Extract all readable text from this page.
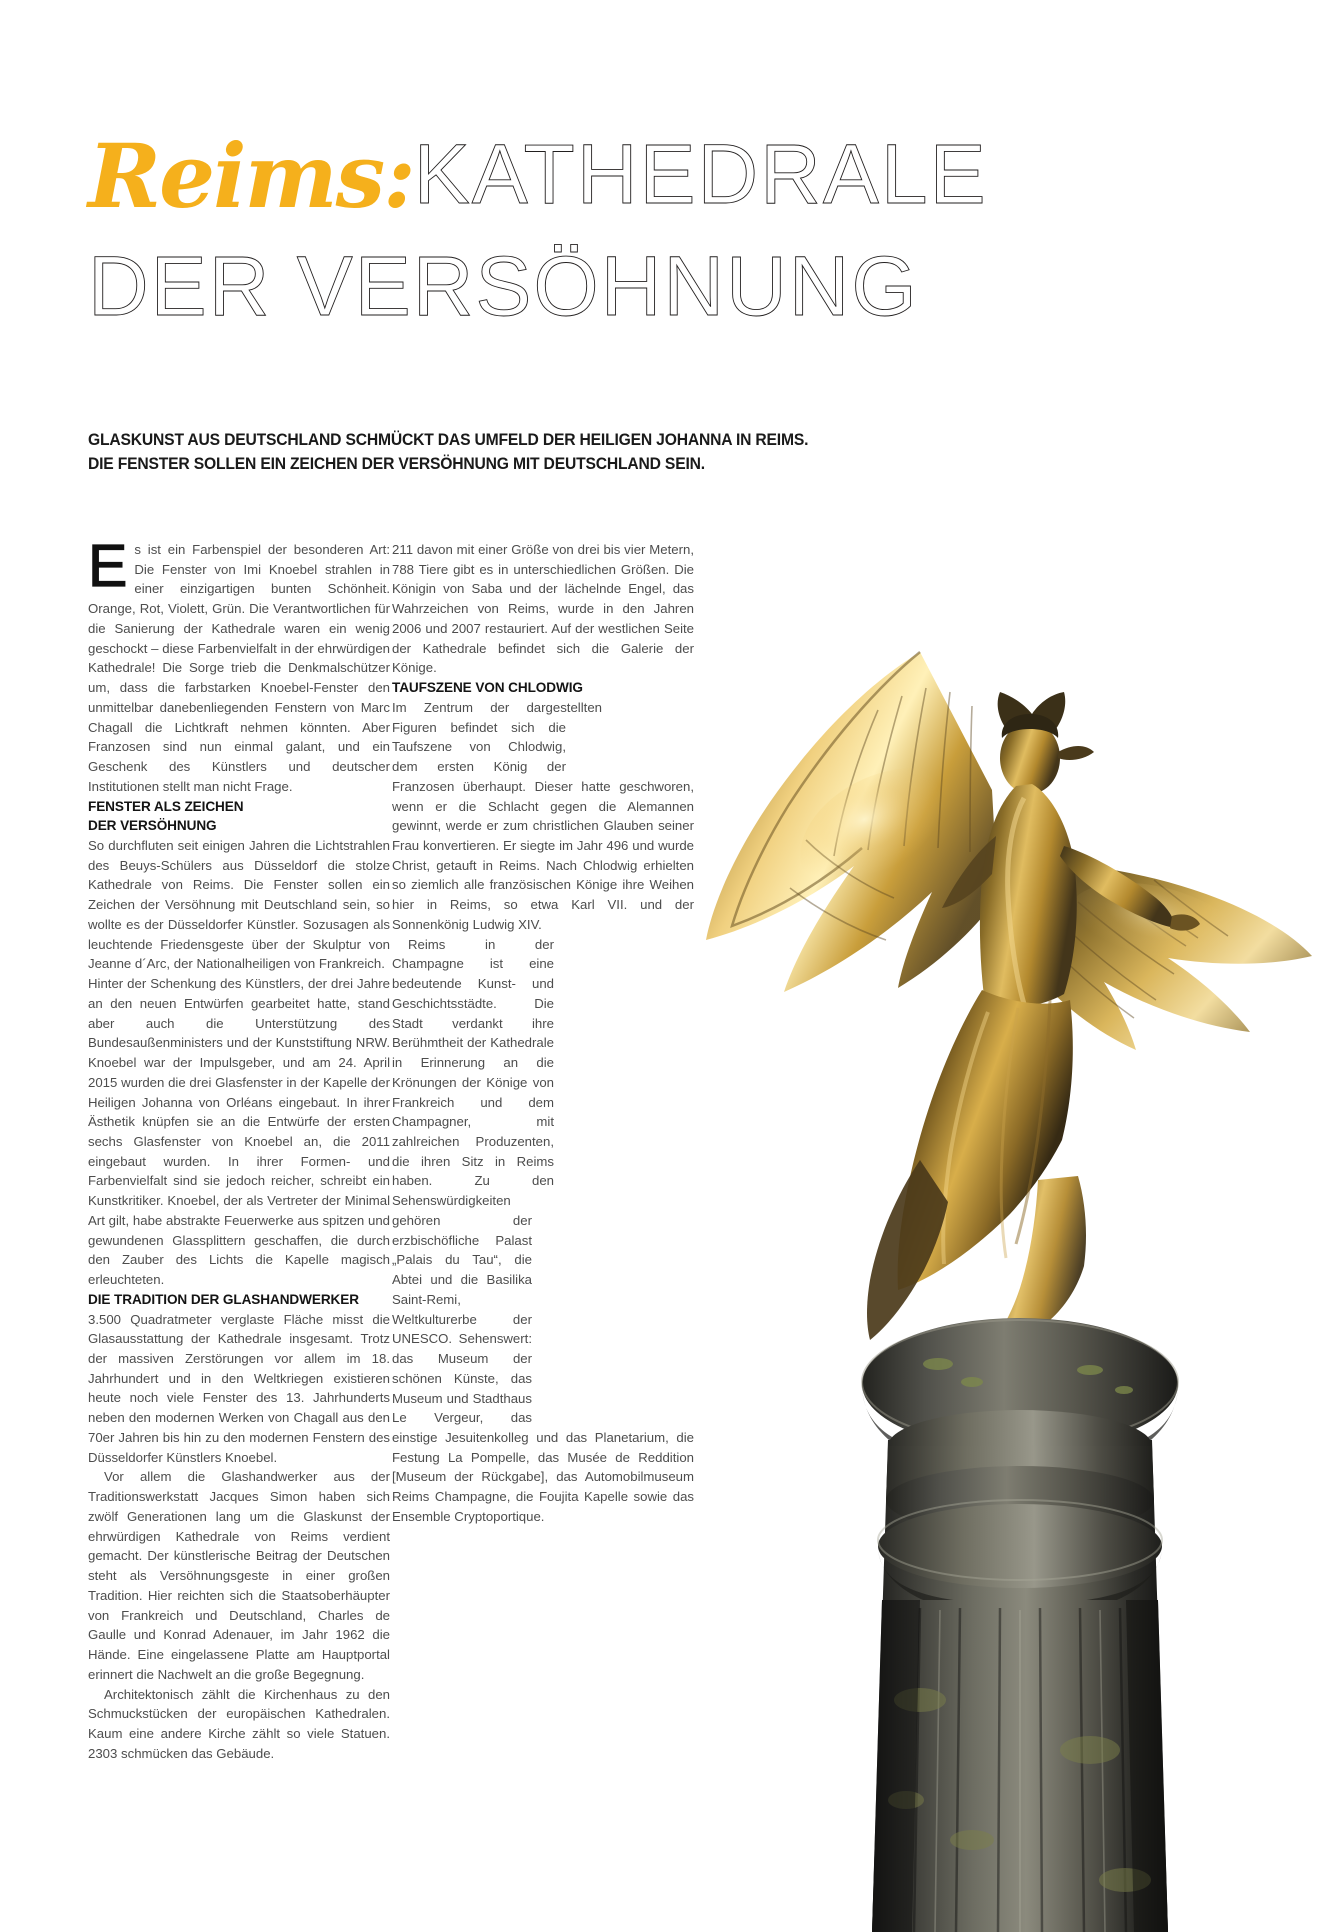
Reims:KATHEDRALE
DER VERSÖHNUNG
GLASKUNST AUS DEUTSCHLAND SCHMÜCKT DAS UMFELD DER HEILIGEN JOHANNA IN REIMS.
DIE FENSTER SOLLEN EIN ZEICHEN DER VERSÖHNUNG MIT DEUTSCHLAND SEIN.

Es ist ein Farbenspiel der besonderen Art: Die Fenster von Imi Knoebel strahlen in einer einzigartigen bunten Schönheit. Orange, Rot, Violett, Grün. Die Verantwortlichen für die Sanierung der Kathedrale waren ein wenig geschockt – diese Farbenvielfalt in der ehrwürdigen Kathedrale! Die Sorge trieb die Denkmalschützer um, dass die farbstarken Knoebel-Fenster den unmittelbar danebenliegenden Fenstern von Marc Chagall die Lichtkraft nehmen könnten. Aber Franzosen sind nun einmal galant, und ein Geschenk des Künstlers und deutscher Institutionen stellt man nicht Frage.

FENSTER ALS ZEICHEN
DER VERSÖHNUNG

So durchfluten seit einigen Jahren die Lichtstrahlen des Beuys-Schülers aus Düsseldorf die stolze Kathedrale von Reims. Die Fenster sollen ein Zeichen der Versöhnung mit Deutschland sein, so wollte es der Düsseldorfer Künstler. Sozusagen als leuchtende Friedensgeste über der Skulptur von Jeanne d´Arc, der Nationalheiligen von Frankreich.

Hinter der Schenkung des Künstlers, der drei Jahre an den neuen Entwürfen gearbeitet hatte, stand aber auch die Unterstützung des Bundesaußenministers und der Kunststiftung NRW. Knoebel war der Impulsgeber, und am 24. April 2015 wurden die drei Glasfenster in der Kapelle der Heiligen Johanna von Orléans eingebaut. In ihrer Ästhetik knüpfen sie an die Entwürfe der ersten sechs Glasfenster von Knoebel an, die 2011 eingebaut wurden. In ihrer Formen- und Farbenvielfalt sind sie jedoch reicher, schreibt ein Kunstkritiker. Knoebel, der als Vertreter der Minimal Art gilt, habe abstrakte Feuerwerke aus spitzen und gewundenen Glassplittern geschaffen, die durch den Zauber des Lichts die Kapelle magisch erleuchteten.

DIE TRADITION DER GLASHANDWERKER

3.500 Quadratmeter verglaste Fläche misst die Glasausstattung der Kathedrale insgesamt. Trotz der massiven Zerstörungen vor allem im 18. Jahrhundert und in den Weltkriegen existieren heute noch viele Fenster des 13. Jahrhunderts neben den modernen Werken von Chagall aus den 70er Jahren bis hin zu den modernen Fenstern des Düsseldorfer Künstlers Knoebel.

Vor allem die Glashandwerker aus der Traditionswerkstatt Jacques Simon haben sich zwölf Generationen lang um die Glaskunst der ehrwürdigen Kathedrale von Reims verdient gemacht. Der künstlerische Beitrag der Deutschen steht als Versöhnungsgeste in einer großen Tradition. Hier reichten sich die Staatsoberhäupter von Frankreich und Deutschland, Charles de Gaulle und Konrad Adenauer, im Jahr 1962 die Hände. Eine eingelassene Platte am Hauptportal erinnert die Nachwelt an die große Begegnung.

Architektonisch zählt die Kirchenhaus zu den Schmuckstücken der europäischen Kathedralen. Kaum eine andere Kirche zählt so viele Statuen. 2303 schmücken das Gebäude.

211 davon mit einer Größe von drei bis vier Metern, 788 Tiere gibt es in unterschiedlichen Größen. Die Königin von Saba und der lächelnde Engel, das Wahrzeichen von Reims, wurde in den Jahren 2006 und 2007 restauriert. Auf der westlichen Seite der Kathedrale befindet sich die Galerie der Könige.

TAUFSZENE VON CHLODWIG

Im Zentrum der dargestellten Figuren befindet sich die Taufszene von Chlodwig, dem ersten König der Franzosen überhaupt. Dieser hatte geschworen, wenn er die Schlacht gegen die Alemannen gewinnt, werde er zum christlichen Glauben seiner Frau konvertieren. Er siegte im Jahr 496 und wurde Christ, getauft in Reims. Nach Chlodwig erhielten so ziemlich alle französischen Könige ihre Weihen hier in Reims, so etwa Karl VII. und der Sonnenkönig Ludwig XIV.

Reims in der Champagne ist eine bedeutende Kunst- und Geschichtsstädte. Die Stadt verdankt ihre Berühmtheit der Kathedrale in Erinnerung an die Krönungen der Könige von Frankreich und dem Champagner, mit zahlreichen Produzenten, die ihren Sitz in Reims haben. Zu den Sehenswürdigkeiten gehören der erzbischöfliche Palast „Palais du Tau“, die Abtei und die Basilika Saint-Remi, Weltkulturerbe der UNESCO. Sehenswert: das Museum der schönen Künste, das Museum und Stadthaus Le Vergeur, das einstige Jesuitenkolleg und das Planetarium, die Festung La Pompelle, das Musée de Reddition [Museum der Rückgabe], das Automobilmuseum Reims Champagne, die Foujita Kapelle sowie das Ensemble Cryptoportique.
